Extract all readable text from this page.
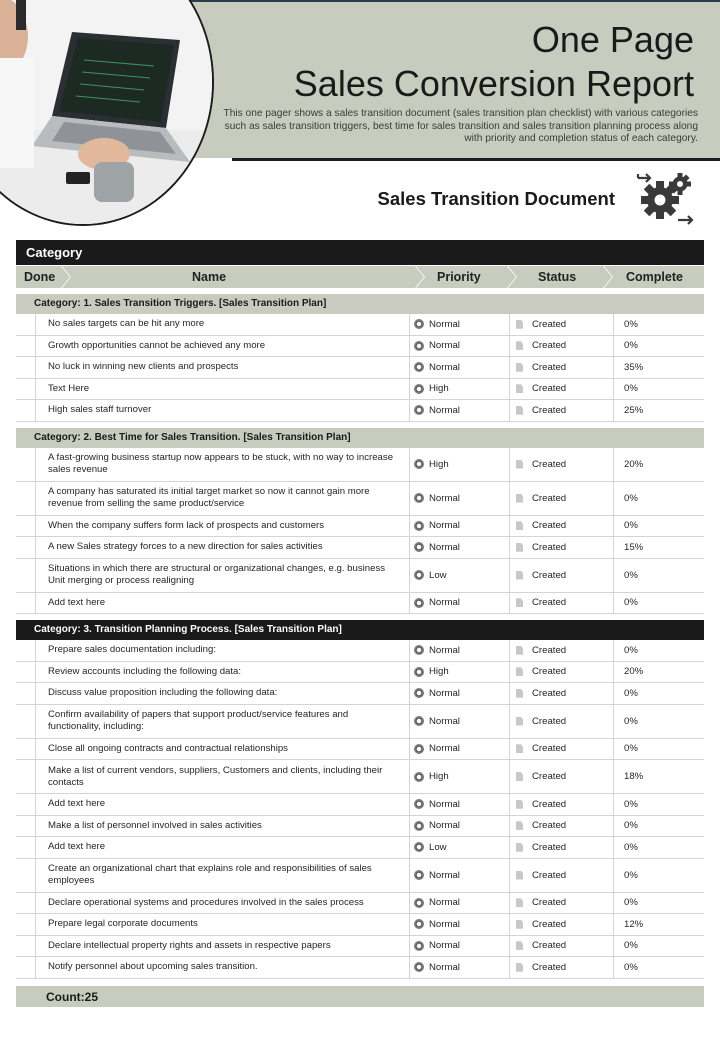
One Page
Sales Conversion Report
This one pager shows a sales transition document (sales transition plan checklist) with various categories such as sales transition triggers, best time for sales transition and sales transition planning process along with priority and completion status of each category.
Sales Transition Document
Category
Done	Name	Priority	Status	Complete
Category: 1. Sales Transition Triggers. [Sales Transition Plan]
No sales targets can be hit any more	Normal	Created	0%
Growth opportunities cannot be achieved any more	Normal	Created	0%
No luck in winning new clients and prospects	Normal	Created	35%
Text Here	High	Created	0%
High sales staff turnover	Normal	Created	25%
Category: 2. Best Time for Sales Transition. [Sales Transition Plan]
A fast-growing business startup now appears to be stuck, with no way to increase sales revenue	High	Created	20%
A company has saturated its initial target market so now it cannot gain more revenue from selling the same product/service	Normal	Created	0%
When the company suffers form lack of prospects and customers	Normal	Created	0%
A new Sales strategy forces to a new direction for sales activities	Normal	Created	15%
Situations in which there are structural or organizational changes, e.g. business Unit merging or process realigning	Low	Created	0%
Add text here	Normal	Created	0%
Category: 3. Transition Planning Process. [Sales Transition Plan]
Prepare sales documentation including:	Normal	Created	0%
Review accounts including the following data:	High	Created	20%
Discuss value proposition including the following data:	Normal	Created	0%
Confirm availability of papers that support product/service features and functionality, including:	Normal	Created	0%
Close all ongoing contracts and contractual relationships	Normal	Created	0%
Make a list of current vendors, suppliers, Customers and clients, including their contacts	High	Created	18%
Add text here	Normal	Created	0%
Make a list of personnel involved in sales activities	Normal	Created	0%
Add text here	Low	Created	0%
Create an organizational chart that explains role and responsibilities of sales employees	Normal	Created	0%
Declare operational systems and procedures involved in the sales process	Normal	Created	0%
Prepare legal corporate documents	Normal	Created	12%
Declare intellectual property rights and assets in respective papers	Normal	Created	0%
Notify personnel about upcoming sales transition.	Normal	Created	0%
Count:25
